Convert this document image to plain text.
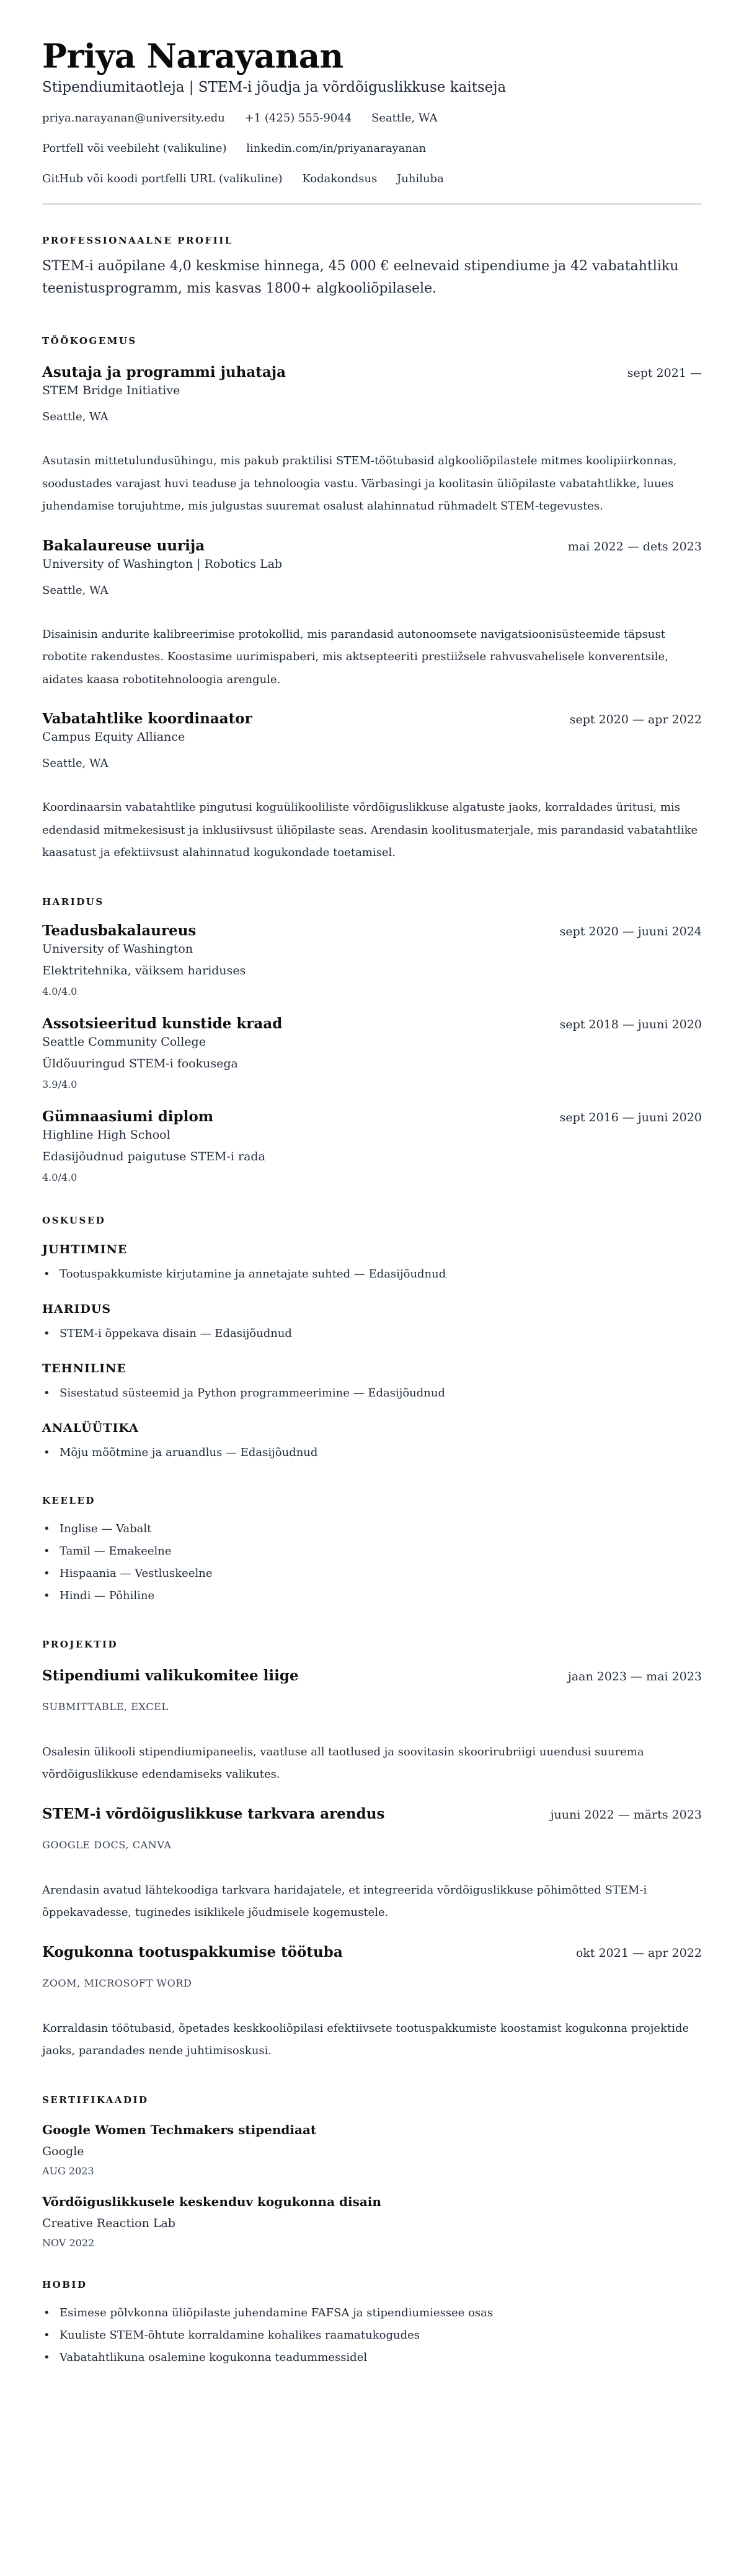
Priya Narayanan

Stipendiumitaotleja | STEM-i jõudja ja võrdõiguslikkuse kaitseja

priya.narayanan@university.edu +1 (425) 555-9044 Seattle, WA
Portfell või veebileht (valikuline) linkedin.com/in/priyanarayanan
GitHub või koodi portfelli URL (valikuline) Kodakondsus Juhiluba
PROFESSIONAALNE PROFIIL

STEM-i auõpilane 4,0 keskmise hinnega, 45 000 € eelnevaid stipendiume ja 42 vabatahtliku teenistusprogramm, mis kasvas 1800+ algkooliõpilasele.

TÖÖKOGEMUS
Asutaja ja programmi juhataja	sept 2021 —
STEM Bridge Initiative
Seattle, WA
Asutasin mittetulundusühingu, mis pakub praktilisi STEM-töötubasid algkooliõpilastele mitmes koolipiirkonnas, soodustades varajast huvi teaduse ja tehnoloogia vastu. Värbasingi ja koolitasin üliõpilaste vabatahtlikke, luues juhendamise torujuhtme, mis julgustas suuremat osalust alahinnatud rühmadelt STEM-tegevustes.
Bakalaureuse uurija	mai 2022 — dets 2023
University of Washington | Robotics Lab
Seattle, WA
Disainisin andurite kalibreerimise protokollid, mis parandasid autonoomsete navigatsioonisüsteemide täpsust robotite rakendustes. Koostasime uurimispaberi, mis aktsepteeriti prestiižsele rahvusvahelisele konverentsile, aidates kaasa robotitehnoloogia arengule.
Vabatahtlike koordinaator	sept 2020 — apr 2022
Campus Equity Alliance
Seattle, WA
Koordinaarsin vabatahtlike pingutusi koguülikooliliste võrdõiguslikkuse algatuste jaoks, korraldades üritusi, mis edendasid mitmekesisust ja inklusiivsust üliõpilaste seas. Arendasin koolitusmaterjale, mis parandasid vabatahtlike kaasatust ja efektiivsust alahinnatud kogukondade toetamisel.
HARIDUS
Teadusbakalaureus	sept 2020 — juuni 2024
University of Washington
Elektritehnika, väiksem hariduses
4.0/4.0
Assotsieeritud kunstide kraad	sept 2018 — juuni 2020
Seattle Community College
Üldõuuringud STEM-i fookusega
3.9/4.0
Gümnaasiumi diplom	sept 2016 — juuni 2020
Highline High School
Edasijõudnud paigutuse STEM-i rada
4.0/4.0
OSKUSED
JUHTIMINE
• Tootuspakkumiste kirjutamine ja annetajate suhted — Edasijõudnud
HARIDUS
• STEM-i õppekava disain — Edasijõudnud
TEHNILINE
• Sisestatud süsteemid ja Python programmeerimine — Edasijõudnud
ANALÜÜTIKA
• Mõju mõõtmine ja aruandlus — Edasijõudnud
KEELED
• Inglise — Vabalt
• Tamil — Emakeelne
• Hispaania — Vestluskeelne
• Hindi — Põhiline
PROJEKTID
Stipendiumi valikukomitee liige	jaan 2023 — mai 2023
SUBMITTABLE, EXCEL
Osalesin ülikooli stipendiumipaneelis, vaatluse all taotlused ja soovitasin skoorirubriigi uuendusi suurema võrdõiguslikkuse edendamiseks valikutes.
STEM-i võrdõiguslikkuse tarkvara arendus	juuni 2022 — märts 2023
GOOGLE DOCS, CANVA
Arendasin avatud lähtekoodiga tarkvara haridajatele, et integreerida võrdõiguslikkuse põhimõtted STEM-i õppekavadesse, tuginedes isiklikele jõudmisele kogemustele.
Kogukonna tootuspakkumise töötuba	okt 2021 — apr 2022
ZOOM, MICROSOFT WORD
Korraldasin töötubasid, õpetades keskkooliõpilasi efektiivsete tootuspakkumiste koostamist kogukonna projektide jaoks, parandades nende juhtimisoskusi.
SERTIFIKAADID
Google Women Techmakers stipendiaat
Google
AUG 2023
Võrdõiguslikkusele keskenduv kogukonna disain
Creative Reaction Lab
NOV 2022
HOBID
• Esimese põlvkonna üliõpilaste juhendamine FAFSA ja stipendiumiessee osas
• Kuuliste STEM-õhtute korraldamine kohalikes raamatukogudes
• Vabatahtlikuna osalemine kogukonna teadummessidel
